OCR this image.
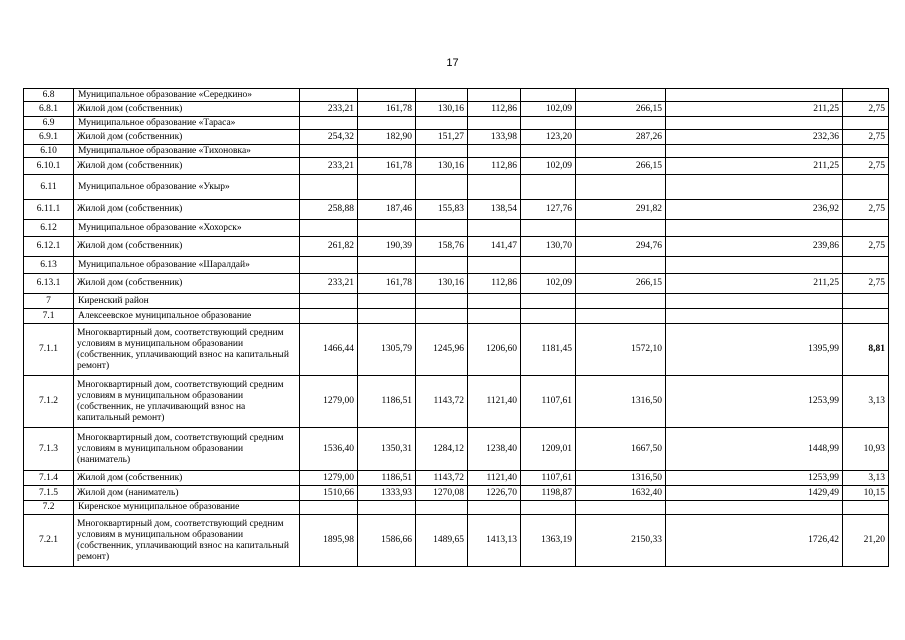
17
6.8	Муниципальное образование «Середкино»								
6.8.1	Жилой дом (собственник)	233,21	161,78	130,16	112,86	102,09	266,15	211,25	2,75
6.9	Муниципальное образование «Тараса»								
6.9.1	Жилой дом (собственник)	254,32	182,90	151,27	133,98	123,20	287,26	232,36	2,75
6.10	Муниципальное образование «Тихоновка»								
6.10.1	Жилой дом (собственник)	233,21	161,78	130,16	112,86	102,09	266,15	211,25	2,75
6.11	Муниципальное образование «Укыр»								
6.11.1	Жилой дом (собственник)	258,88	187,46	155,83	138,54	127,76	291,82	236,92	2,75
6.12	Муниципальное образование «Хохорск»								
6.12.1	Жилой дом (собственник)	261,82	190,39	158,76	141,47	130,70	294,76	239,86	2,75
6.13	Муниципальное образование «Шаралдай»								
6.13.1	Жилой дом (собственник)	233,21	161,78	130,16	112,86	102,09	266,15	211,25	2,75
7	Киренский район								
7.1	Алексеевское муниципальное образование								
7.1.1	Многоквартирный дом, соответствующий средним условиям в муниципальном образовании (собственник, уплачивающий взнос на капитальный ремонт)	1466,44	1305,79	1245,96	1206,60	1181,45	1572,10	1395,99	8,81
7.1.2	Многоквартирный дом, соответствующий средним условиям в муниципальном образовании (собственник, не уплачивающий взнос на капитальный ремонт)	1279,00	1186,51	1143,72	1121,40	1107,61	1316,50	1253,99	3,13
7.1.3	Многоквартирный дом, соответствующий средним условиям в муниципальном образовании (наниматель)	1536,40	1350,31	1284,12	1238,40	1209,01	1667,50	1448,99	10,93
7.1.4	Жилой дом (собственник)	1279,00	1186,51	1143,72	1121,40	1107,61	1316,50	1253,99	3,13
7.1.5	Жилой дом (наниматель)	1510,66	1333,93	1270,08	1226,70	1198,87	1632,40	1429,49	10,15
7.2	Киренское муниципальное образование								
7.2.1	Многоквартирный дом, соответствующий средним условиям в муниципальном образовании (собственник, уплачивающий взнос на капитальный ремонт)	1895,98	1586,66	1489,65	1413,13	1363,19	2150,33	1726,42	21,20
